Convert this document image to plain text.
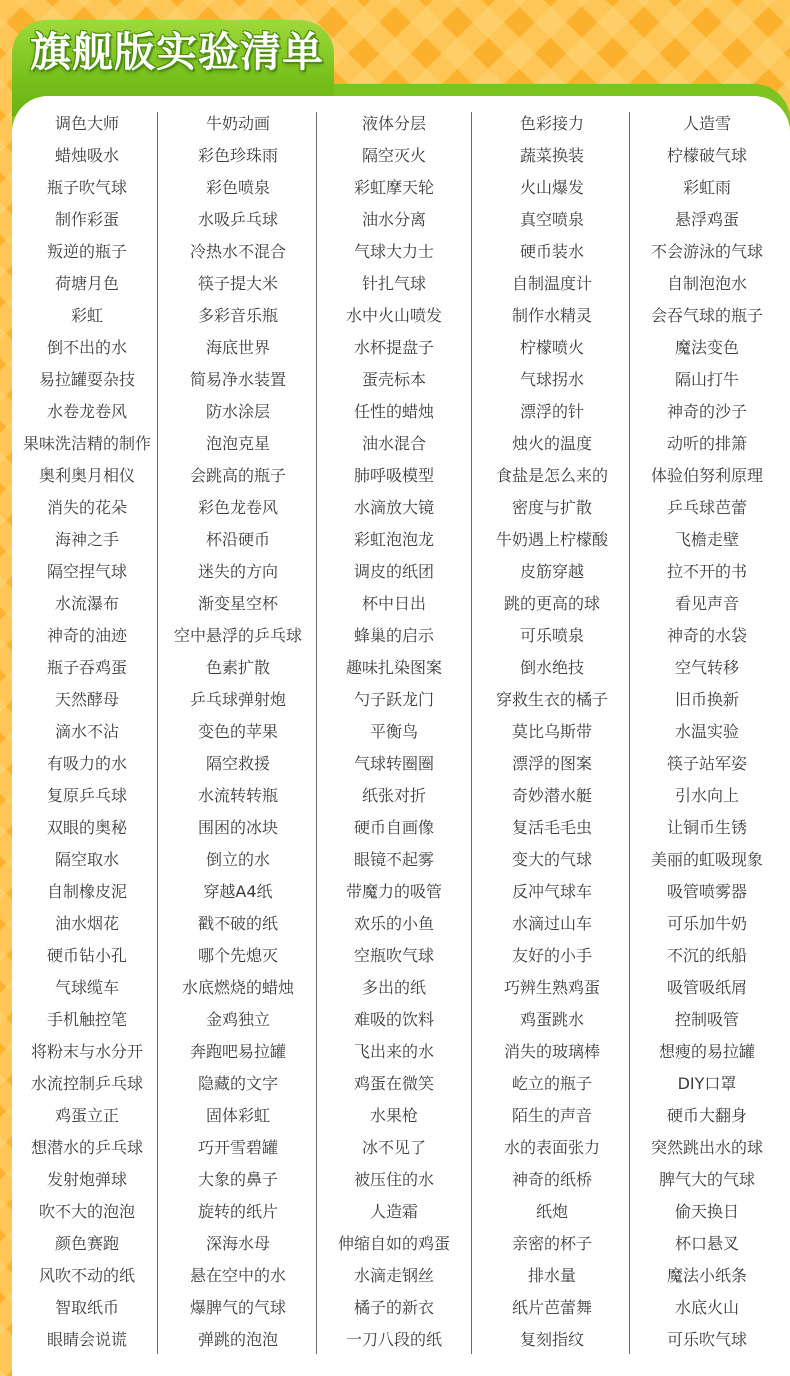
旗舰版实验清单
调色大师
蜡烛吸水
瓶子吹气球
制作彩蛋
叛逆的瓶子
荷塘月色
彩虹
倒不出的水
易拉罐耍杂技
水卷龙卷风
果味洗洁精的制作
奥利奥月相仪
消失的花朵
海神之手
隔空捏气球
水流瀑布
神奇的油迹
瓶子吞鸡蛋
天然酵母
滴水不沾
有吸力的水
复原乒乓球
双眼的奥秘
隔空取水
自制橡皮泥
油水烟花
硬币钻小孔
气球缆车
手机触控笔
将粉末与水分开
水流控制乒乓球
鸡蛋立正
想潜水的乒乓球
发射炮弹球
吹不大的泡泡
颜色赛跑
风吹不动的纸
智取纸币
眼睛会说谎
牛奶动画
彩色珍珠雨
彩色喷泉
水吸乒乓球
冷热水不混合
筷子提大米
多彩音乐瓶
海底世界
简易净水装置
防水涂层
泡泡克星
会跳高的瓶子
彩色龙卷风
杯沿硬币
迷失的方向
渐变星空杯
空中悬浮的乒乓球
色素扩散
乒乓球弹射炮
变色的苹果
隔空救援
水流转转瓶
围困的冰块
倒立的水
穿越A4纸
戳不破的纸
哪个先熄灭
水底燃烧的蜡烛
金鸡独立
奔跑吧易拉罐
隐藏的文字
固体彩虹
巧开雪碧罐
大象的鼻子
旋转的纸片
深海水母
悬在空中的水
爆脾气的气球
弹跳的泡泡
液体分层
隔空灭火
彩虹摩天轮
油水分离
气球大力士
针扎气球
水中火山喷发
水杯提盘子
蛋壳标本
任性的蜡烛
油水混合
肺呼吸模型
水滴放大镜
彩虹泡泡龙
调皮的纸团
杯中日出
蜂巢的启示
趣味扎染图案
勺子跃龙门
平衡鸟
气球转圈圈
纸张对折
硬币自画像
眼镜不起雾
带魔力的吸管
欢乐的小鱼
空瓶吹气球
多出的纸
难吸的饮料
飞出来的水
鸡蛋在微笑
水果枪
冰不见了
被压住的水
人造霜
伸缩自如的鸡蛋
水滴走钢丝
橘子的新衣
一刀八段的纸
色彩接力
蔬菜换装
火山爆发
真空喷泉
硬币装水
自制温度计
制作水精灵
柠檬喷火
气球拐水
漂浮的针
烛火的温度
食盐是怎么来的
密度与扩散
牛奶遇上柠檬酸
皮筋穿越
跳的更高的球
可乐喷泉
倒水绝技
穿救生衣的橘子
莫比乌斯带
漂浮的图案
奇妙潜水艇
复活毛毛虫
变大的气球
反冲气球车
水滴过山车
友好的小手
巧辨生熟鸡蛋
鸡蛋跳水
消失的玻璃棒
屹立的瓶子
陌生的声音
水的表面张力
神奇的纸桥
纸炮
亲密的杯子
排水量
纸片芭蕾舞
复刻指纹
人造雪
柠檬破气球
彩虹雨
悬浮鸡蛋
不会游泳的气球
自制泡泡水
会吞气球的瓶子
魔法变色
隔山打牛
神奇的沙子
动听的排箫
体验伯努利原理
乒乓球芭蕾
飞檐走壁
拉不开的书
看见声音
神奇的水袋
空气转移
旧币换新
水温实验
筷子站军姿
引水向上
让铜币生锈
美丽的虹吸现象
吸管喷雾器
可乐加牛奶
不沉的纸船
吸管吸纸屑
控制吸管
想瘦的易拉罐
DIY口罩
硬币大翻身
突然跳出水的球
脾气大的气球
偷天换日
杯口悬叉
魔法小纸条
水底火山
可乐吹气球
